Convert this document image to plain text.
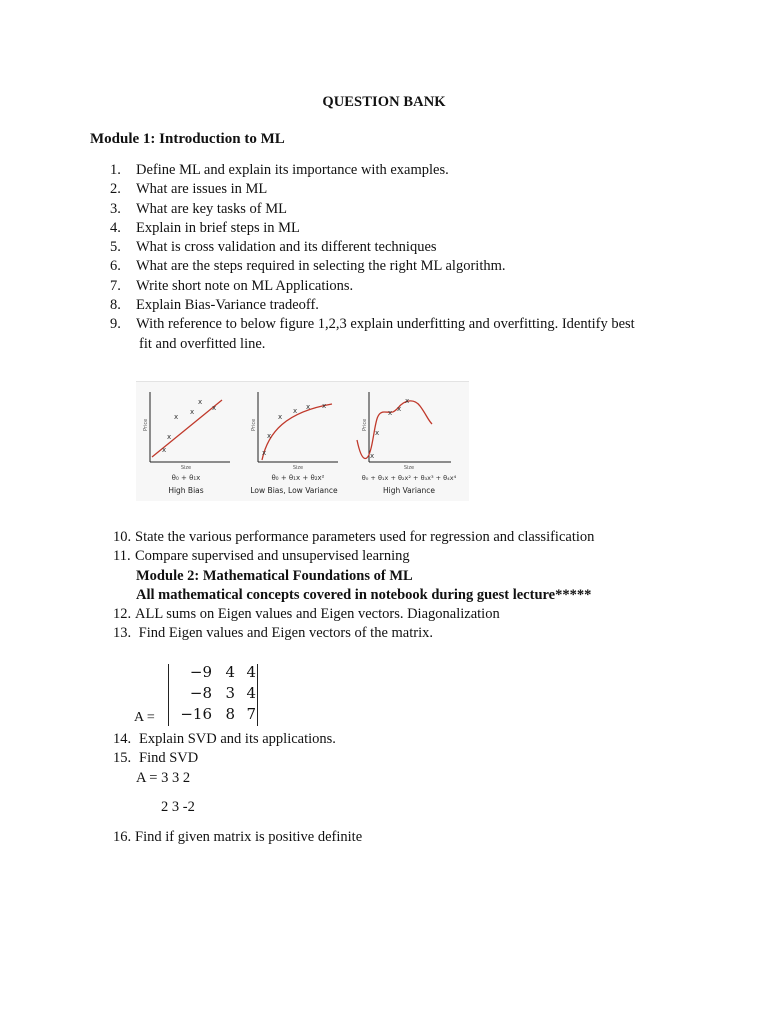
QUESTION BANK
Module 1: Introduction to ML
1.	Define ML and explain its importance with examples.
2.	What are issues in ML
3.	What are key tasks of ML
4.	Explain in brief steps in ML
5.	What is cross validation and its different techniques
6.	What are the steps required in selecting the right ML algorithm.
7.	Write short note on ML Applications.
8.	Explain Bias-Variance tradeoff.
9.	With reference to below figure 1,2,3 explain underfitting and overfitting. Identify best
fit and overfitted line.
x
x
x
x
x
x
Price
Size
θ₀ + θ₁x
High Bias
x
x
x
x x x
Price
Size
θ₀ + θ₁x + θ₂x²
Low Bias, Low Variance
x
x
x x
x
Price
Size
θ₀ + θ₁x + θ₂x² + θ₃x³ + θ₄x⁴
High Variance
10. State the various performance parameters used for regression and classification
11. Compare supervised and unsupervised learning
Module 2: Mathematical Foundations of ML
All mathematical concepts covered in notebook during guest lecture*****
12. ALL sums on Eigen values and Eigen vectors. Diagonalization
13. Find Eigen values and Eigen vectors of the matrix.
A =
−9 4 4
−8 3 4
−16 8 7
14. Explain SVD and its applications.
15. Find SVD
A = 3 3 2
2 3 -2
16. Find if given matrix is positive definite
